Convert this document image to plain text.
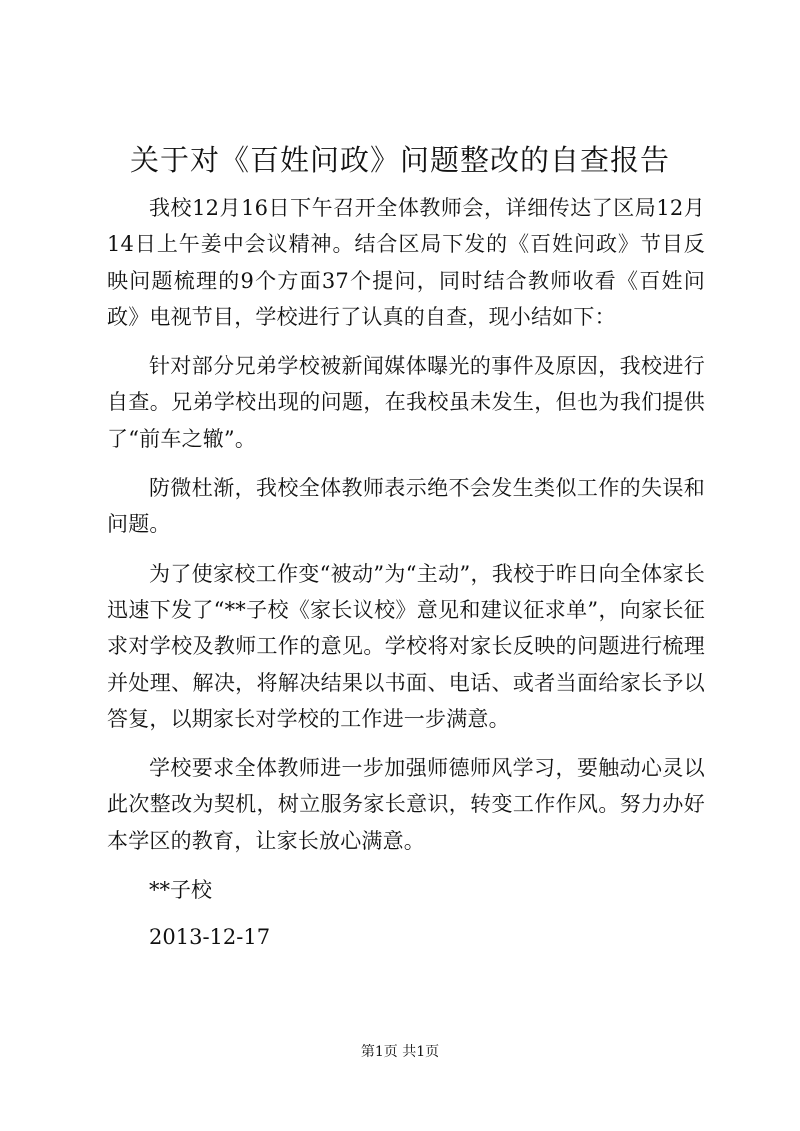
关于对《百姓问政》问题整改的自查报告

我校12月16日下午召开全体教师会，详细传达了区局12月14日上午姜中会议精神。结合区局下发的《百姓问政》节目反映问题梳理的9个方面37个提问，同时结合教师收看《百姓问政》电视节目，学校进行了认真的自查，现小结如下：

针对部分兄弟学校被新闻媒体曝光的事件及原因，我校进行自查。兄弟学校出现的问题，在我校虽未发生，但也为我们提供了“前车之辙”。

防微杜渐，我校全体教师表示绝不会发生类似工作的失误和问题。

为了使家校工作变“被动”为“主动”，我校于昨日向全体家长迅速下发了“**子校《家长议校》意见和建议征求单”，向家长征求对学校及教师工作的意见。学校将对家长反映的问题进行梳理并处理、解决，将解决结果以书面、电话、或者当面给家长予以答复，以期家长对学校的工作进一步满意。

学校要求全体教师进一步加强师德师风学习，要触动心灵以此次整改为契机，树立服务家长意识，转变工作作风。努力办好本学区的教育，让家长放心满意。

**子校

2013-12-17

第1页 共1页
